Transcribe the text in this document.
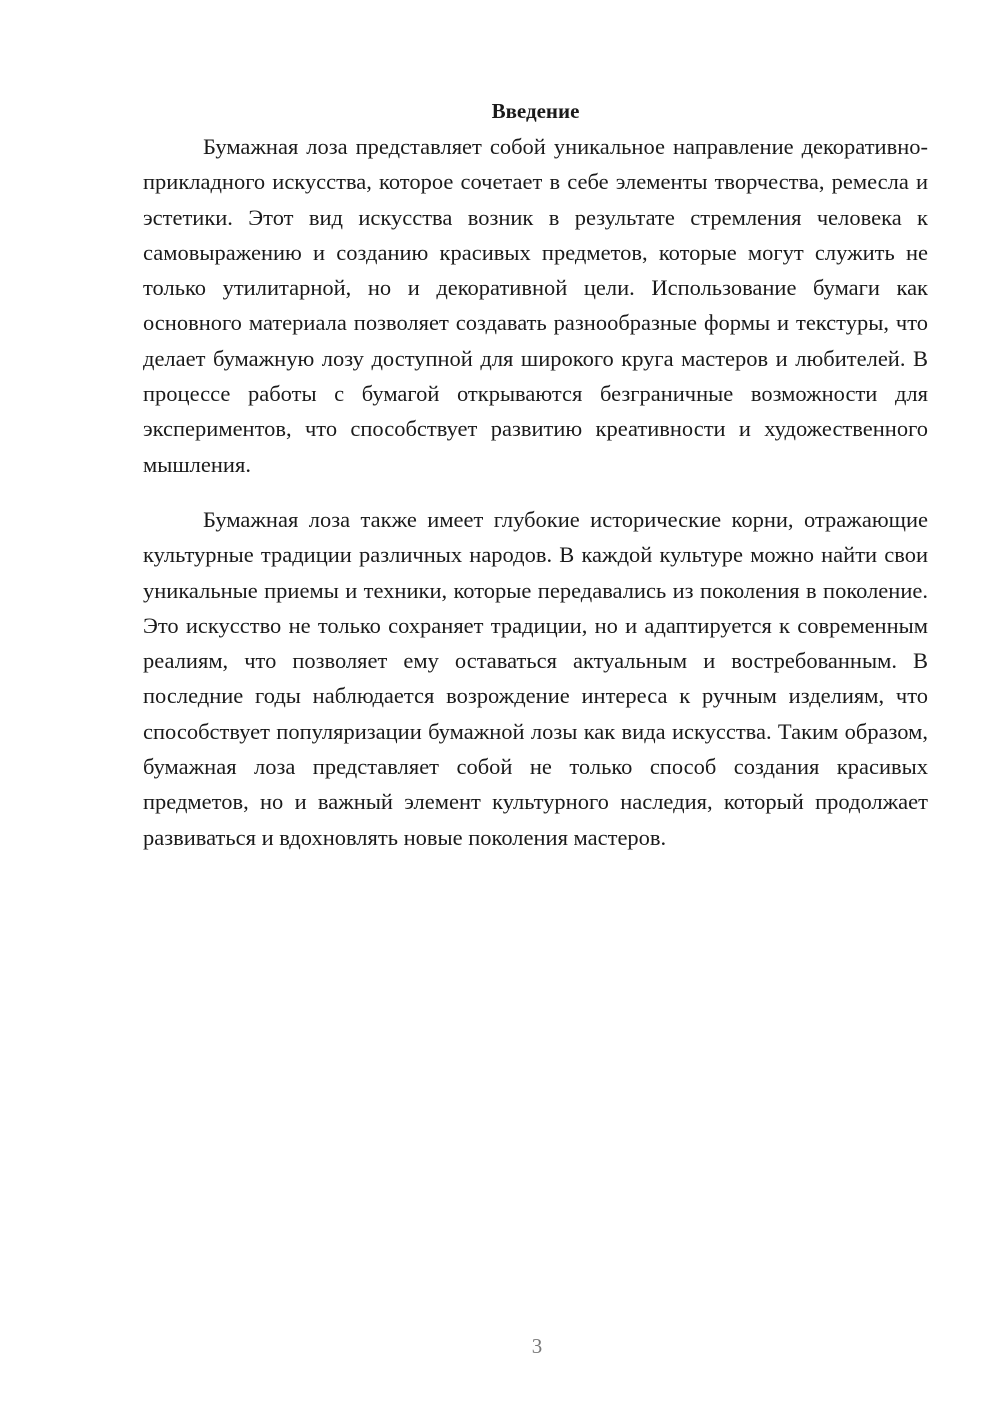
Введение

Бумажная лоза представляет собой уникальное направление декоративно-прикладного искусства, которое сочетает в себе элементы творчества, ремесла и эстетики. Этот вид искусства возник в результате стремления человека к самовыражению и созданию красивых предметов, которые могут служить не только утилитарной, но и декоративной цели. Использование бумаги как основного материала позволяет создавать разнообразные формы и текстуры, что делает бумажную лозу доступной для широкого круга мастеров и любителей. В процессе работы с бумагой открываются безграничные возможности для экспериментов, что способствует развитию креативности и художественного мышления.

Бумажная лоза также имеет глубокие исторические корни, отражающие культурные традиции различных народов. В каждой культуре можно найти свои уникальные приемы и техники, которые передавались из поколения в поколение. Это искусство не только сохраняет традиции, но и адаптируется к современным реалиям, что позволяет ему оставаться актуальным и востребованным. В последние годы наблюдается возрождение интереса к ручным изделиям, что способствует популяризации бумажной лозы как вида искусства. Таким образом, бумажная лоза представляет собой не только способ создания красивых предметов, но и важный элемент культурного наследия, который продолжает развиваться и вдохновлять новые поколения мастеров.

3
